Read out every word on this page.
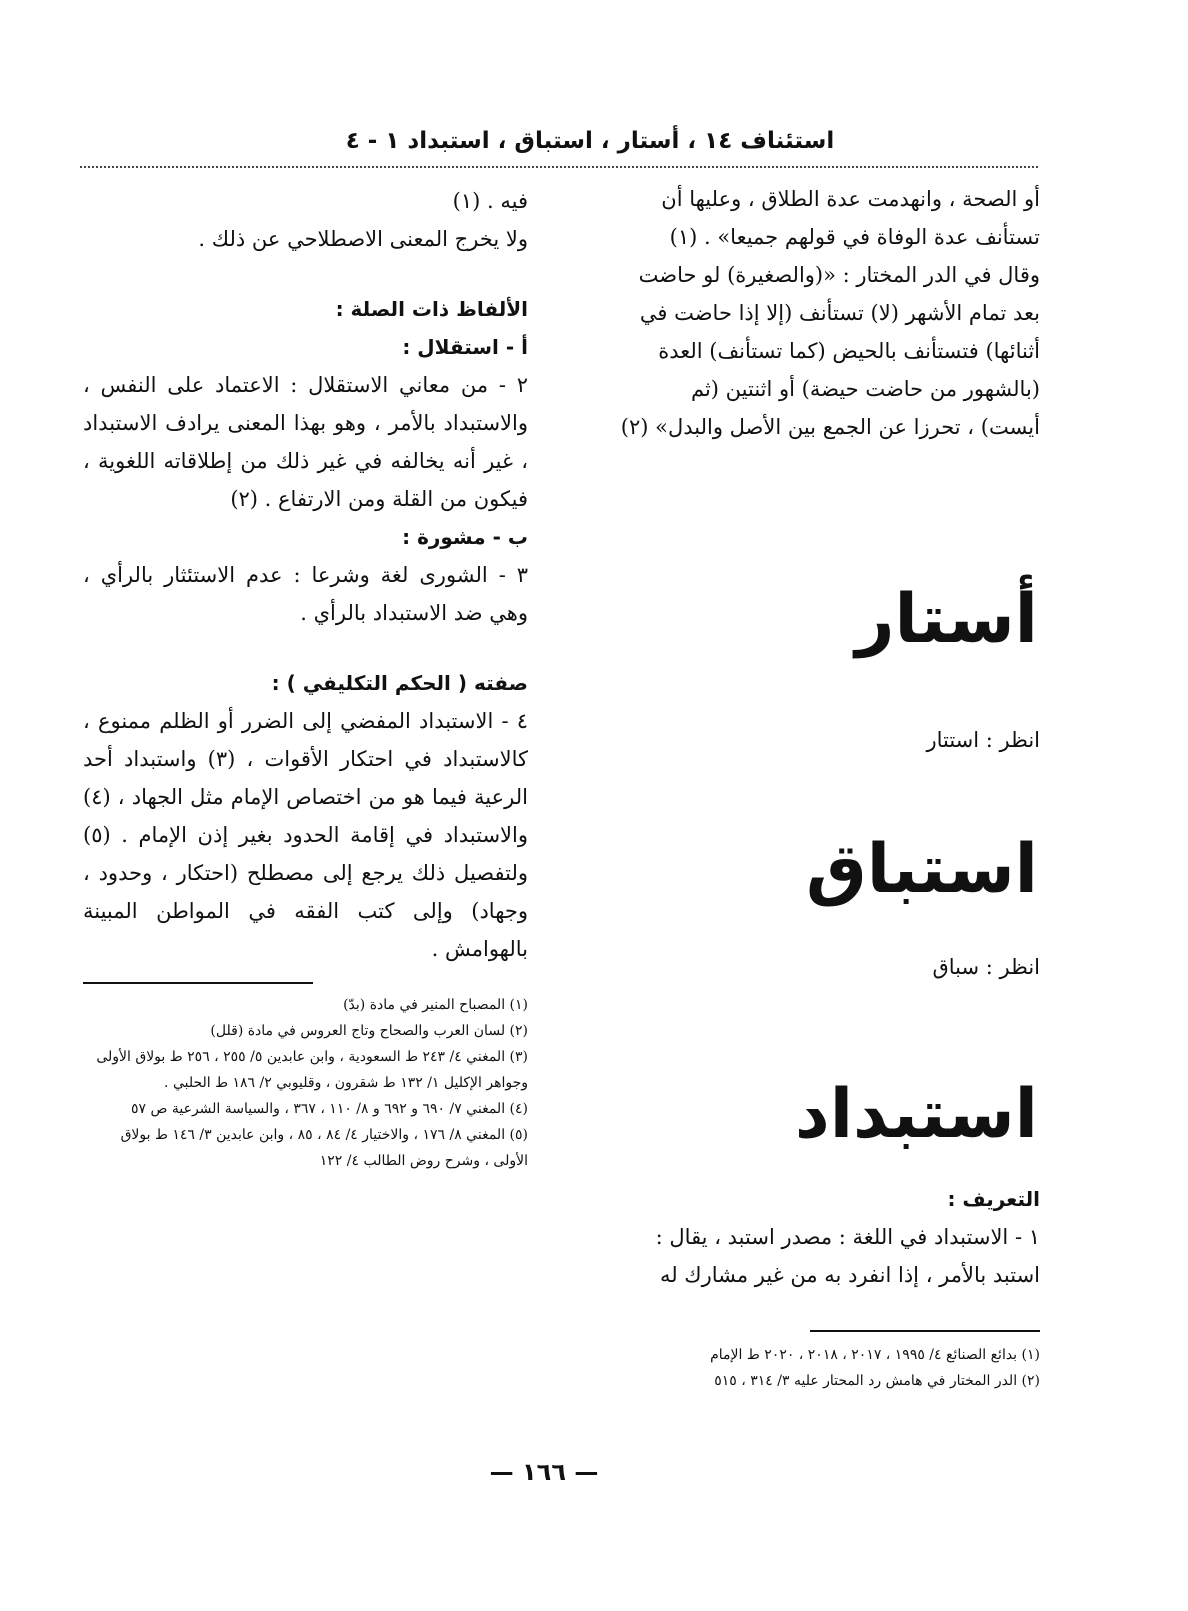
استئناف ١٤ ، أستار ، استباق ، استبداد ١ - ٤

أو الصحة ، وانهدمت عدة الطلاق ، وعليها أن

تستأنف عدة الوفاة في قولهم جميعا» . (١)

وقال في الدر المختار : «(والصغيرة) لو حاضت

بعد تمام الأشهر (لا) تستأنف (إلا إذا حاضت في

أثنائها) فتستأنف بالحيض (كما تستأنف) العدة

(بالشهور من حاضت حيضة) أو اثنتين (ثم

أيست) ، تحرزا عن الجمع بين الأصل والبدل» (٢)

أستار
انظر : استتار
استباق
انظر : سباق
استبداد

التعريف :

١ - الاستبداد في اللغة : مصدر استبد ، يقال :

استبد بالأمر ، إذا انفرد به من غير مشارك له

(١) بدائع الصنائع ٤/ ١٩٩٥ ، ٢٠١٧ ، ٢٠١٨ ، ٢٠٢٠ ط الإمام
(٢) الدر المختار في هامش رد المحتار عليه ٣/ ٣١٤ ، ٥١٥

فيه . (١)

ولا يخرج المعنى الاصطلاحي عن ذلك .

الألفاظ ذات الصلة :

أ - استقلال :

٢ - من معاني الاستقلال : الاعتماد على النفس ، والاستبداد بالأمر ، وهو بهذا المعنى يرادف الاستبداد ، غير أنه يخالفه في غير ذلك من إطلاقاته اللغوية ، فيكون من القلة ومن الارتفاع . (٢)

ب - مشورة :

٣ - الشورى لغة وشرعا : عدم الاستئثار بالرأي ، وهي ضد الاستبداد بالرأي .

صفته ( الحكم التكليفي ) :

٤ - الاستبداد المفضي إلى الضرر أو الظلم ممنوع ، كالاستبداد في احتكار الأقوات ، (٣) واستبداد أحد الرعية فيما هو من اختصاص الإمام مثل الجهاد ، (٤) والاستبداد في إقامة الحدود بغير إذن الإمام . (٥) ولتفصيل ذلك يرجع إلى مصطلح (احتكار ، وحدود ، وجهاد) وإلى كتب الفقه في المواطن المبينة بالهوامش .

(١) المصباح المنير في مادة (بدّ)
(٢) لسان العرب والصحاح وتاج العروس في مادة (قلل)
(٣) المغني ٤/ ٢٤٣ ط السعودية ، وابن عابدين ٥/ ٢٥٥ ، ٢٥٦ ط بولاق الأولى وجواهر الإكليل ١/ ١٣٢ ط شقرون ، وقليوبي ٢/ ١٨٦ ط الحلبي .
(٤) المغني ٧/ ٦٩٠ و ٦٩٢ و ٨/ ١١٠ ، ٣٦٧ ، والسياسة الشرعية ص ٥٧
(٥) المغني ٨/ ١٧٦ ، والاختيار ٤/ ٨٤ ، ٨٥ ، وابن عابدين ٣/ ١٤٦ ط بولاق الأولى ، وشرح روض الطالب ٤/ ١٢٢
— ١٦٦ —
